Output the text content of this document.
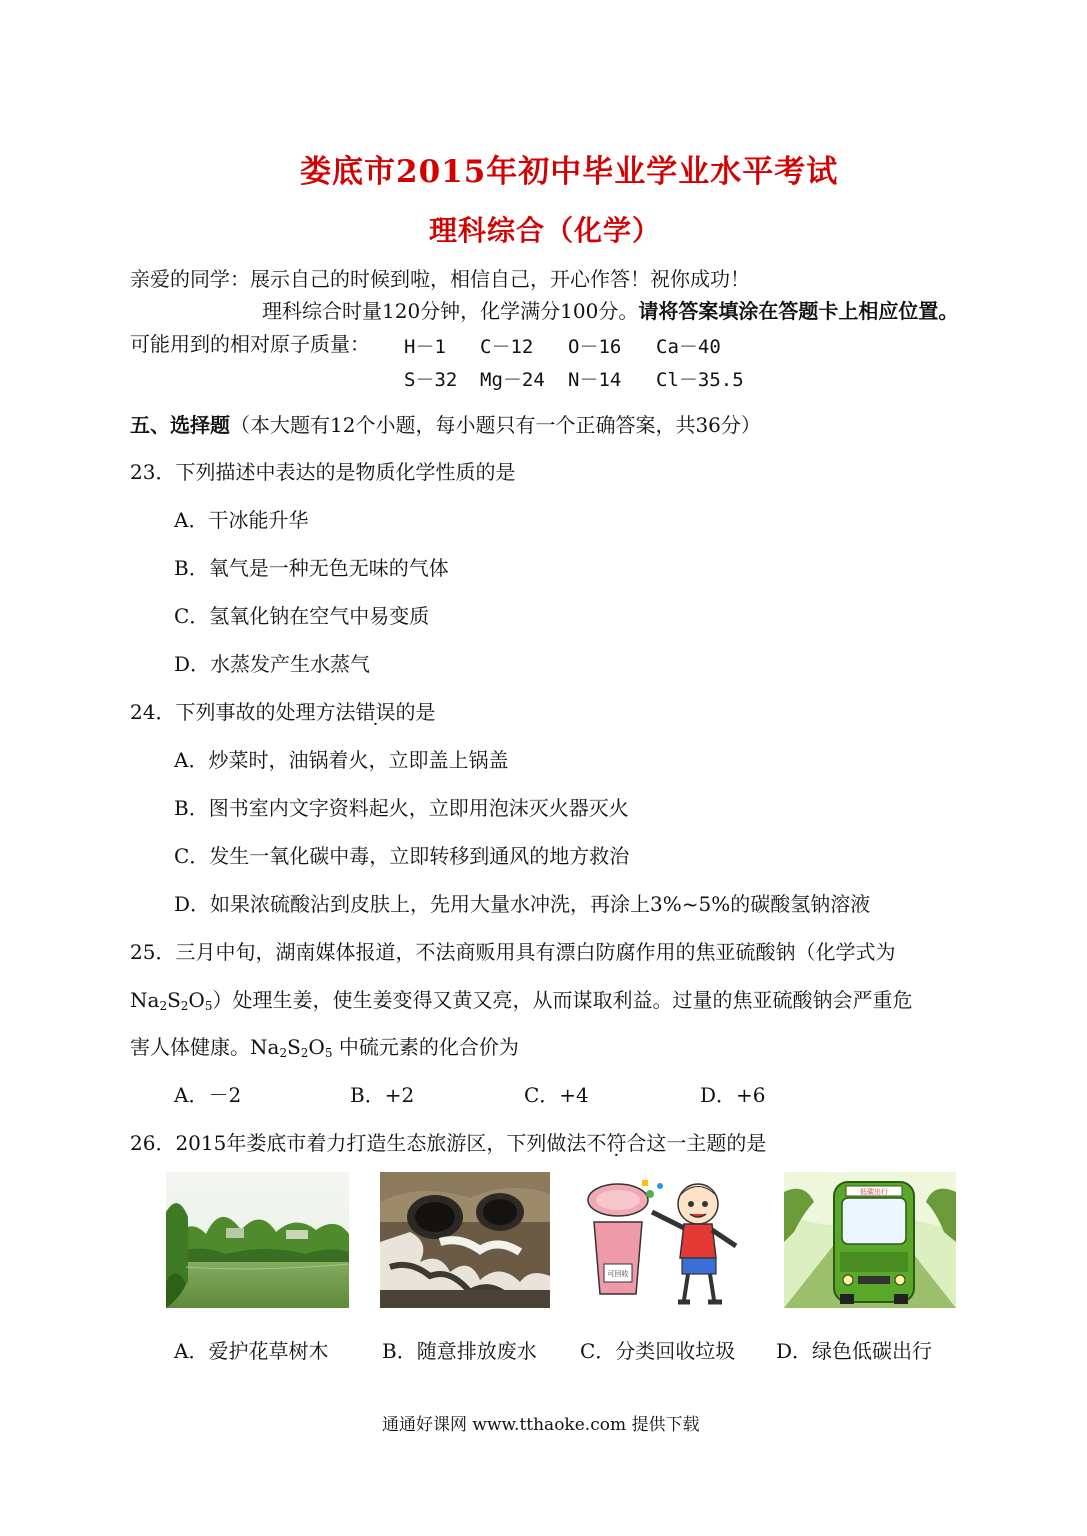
娄底市2015年初中毕业学业水平考试
理科综合（化学）
亲爱的同学：展示自己的时候到啦，相信自己，开心作答！祝你成功！
理科综合时量120分钟，化学满分100分。请将答案填涂在答题卡上相应位置。
可能用到的相对原子质量： H－1 C－12 O－16 Ca－40
S－32 Mg－24 N－14 Cl－35.5
五、选择题（本大题有12个小题，每小题只有一个正确答案，共36分）
23．下列描述中表达的是物质化学性质的是
A．干冰能升华
B．氧气是一种无色无味的气体
C．氢氧化钠在空气中易变质
D．水蒸发产生水蒸气
24．下列事故的处理方法错误的是
A．炒菜时，油锅着火，立即盖上锅盖
B．图书室内文字资料起火，立即用泡沫灭火器灭火
C．发生一氧化碳中毒，立即转移到通风的地方救治
D．如果浓硫酸沾到皮肤上，先用大量水冲洗，再涂上3%~5%的碳酸氢钠溶液
25．三月中旬，湖南媒体报道，不法商贩用具有漂白防腐作用的焦亚硫酸钠（化学式为
$Na_2S_2O_5$）处理生姜，使生姜变得又黄又亮，从而谋取利益。过量的焦亚硫酸钠会严重危
害人体健康。$Na_2S_2O_5$ 中硫元素的化合价为
A．－2	B．+2	C．+4	D．+6
26．2015年娄底市着力打造生态旅游区，下列做法不符合这一主题的是
可回收
低碳出行
A．爱护花草树木	B．随意排放废水 C．分类回收垃圾 D．绿色低碳出行
通通好课网 www.tthaoke.com 提供下载
